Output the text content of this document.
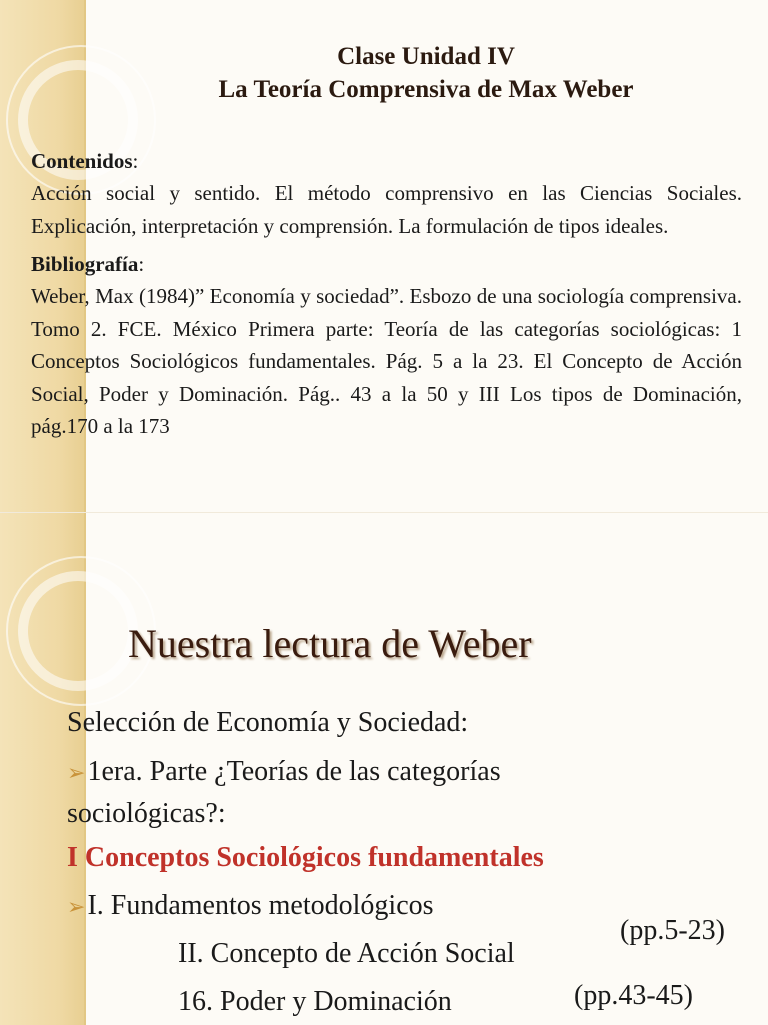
Clase Unidad IV
La Teoría Comprensiva de Max Weber

Contenidos:

Acción social y sentido. El método comprensivo en las Ciencias Sociales. Explicación, interpretación y comprensión. La formulación de tipos ideales.

Bibliografía:

Weber, Max (1984)” Economía y sociedad”. Esbozo de una sociología comprensiva. Tomo 2. FCE. México Primera parte: Teoría de las categorías sociológicas: 1 Conceptos Sociológicos fundamentales. Pág. 5 a la 23. El Concepto de Acción Social, Poder y Dominación. Pág.. 43 a la 50 y III Los tipos de Dominación, pág.170 a la 173

Nuestra lectura de Weber
Selección de Economía y Sociedad:
➢1era. Parte ¿Teorías de las categorías
sociológicas?:
I Conceptos Sociológicos fundamentales
➢I. Fundamentos metodológicos
II. Concepto de Acción Social
16. Poder y Dominación
(pp.5-23)
(pp.43-45)
